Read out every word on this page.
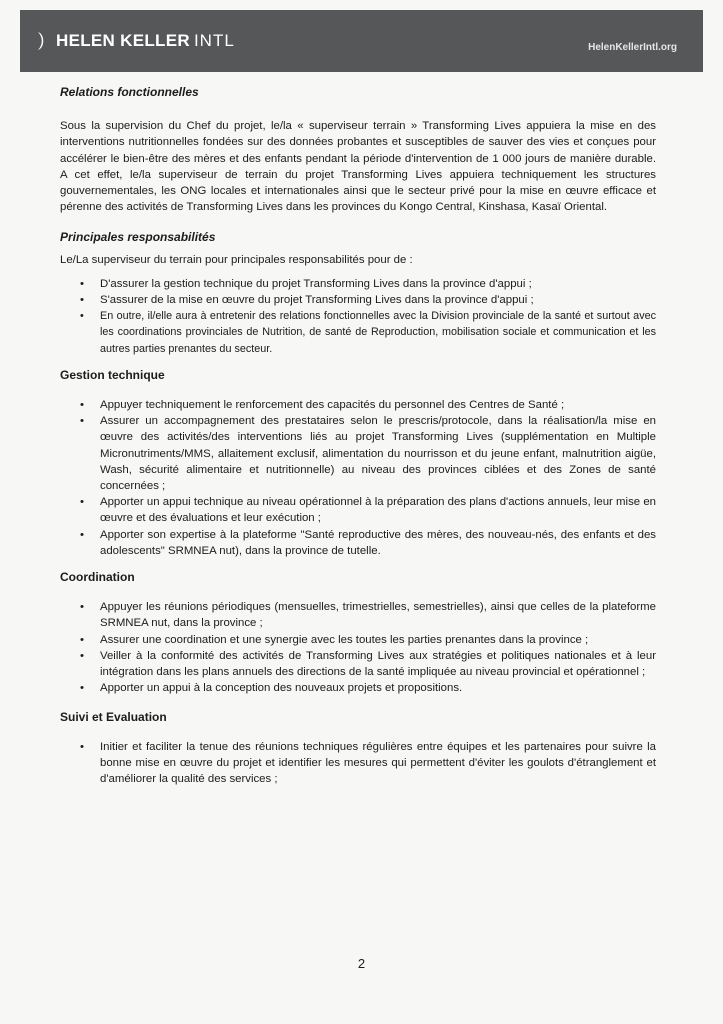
HELEN KELLER INTL	HelenKellerIntl.org
Relations fonctionnelles

Sous la supervision du Chef du projet, le/la « superviseur terrain » Transforming Lives appuiera la mise en des interventions nutritionnelles fondées sur des données probantes et susceptibles de sauver des vies et conçues pour accélérer le bien-être des mères et des enfants pendant la période d'intervention de 1 000 jours de manière durable. A cet effet, le/la superviseur de terrain du projet Transforming Lives appuiera techniquement les structures gouvernementales, les ONG locales et internationales ainsi que le secteur privé pour la mise en œuvre efficace et pérenne des activités de Transforming Lives dans les provinces du Kongo Central, Kinshasa, Kasaï Oriental.

Principales responsabilités

Le/La superviseur du terrain pour principales responsabilités pour de :

• D'assurer la gestion technique du projet Transforming Lives dans la province d'appui ;
• S'assurer de la mise en œuvre du projet Transforming Lives dans la province d'appui ;
• En outre, il/elle aura à entretenir des relations fonctionnelles avec la Division provinciale de la santé et surtout avec les coordinations provinciales de Nutrition, de santé de Reproduction, mobilisation sociale et communication et les autres parties prenantes du secteur.
Gestion technique
• Appuyer techniquement le renforcement des capacités du personnel des Centres de Santé ;
• Assurer un accompagnement des prestataires selon le prescris/protocole, dans la réalisation/la mise en œuvre des activités/des interventions liés au projet Transforming Lives (supplémentation en Multiple Micronutriments/MMS, allaitement exclusif, alimentation du nourrisson et du jeune enfant, malnutrition aigüe, Wash, sécurité alimentaire et nutritionnelle) au niveau des provinces ciblées et des Zones de santé concernées ;
• Apporter un appui technique au niveau opérationnel à la préparation des plans d'actions annuels, leur mise en œuvre et des évaluations et leur exécution ;
• Apporter son expertise à la plateforme "Santé reproductive des mères, des nouveau-nés, des enfants et des adolescents" SRMNEA nut), dans la province de tutelle.
Coordination
• Appuyer les réunions périodiques (mensuelles, trimestrielles, semestrielles), ainsi que celles de la plateforme SRMNEA nut, dans la province ;
• Assurer une coordination et une synergie avec les toutes les parties prenantes dans la province ;
• Veiller à la conformité des activités de Transforming Lives aux stratégies et politiques nationales et à leur intégration dans les plans annuels des directions de la santé impliquée au niveau provincial et opérationnel ;
• Apporter un appui à la conception des nouveaux projets et propositions.
Suivi et Evaluation
• Initier et faciliter la tenue des réunions techniques régulières entre équipes et les partenaires pour suivre la bonne mise en œuvre du projet et identifier les mesures qui permettent d'éviter les goulots d'étranglement et d'améliorer la qualité des services ;
2
